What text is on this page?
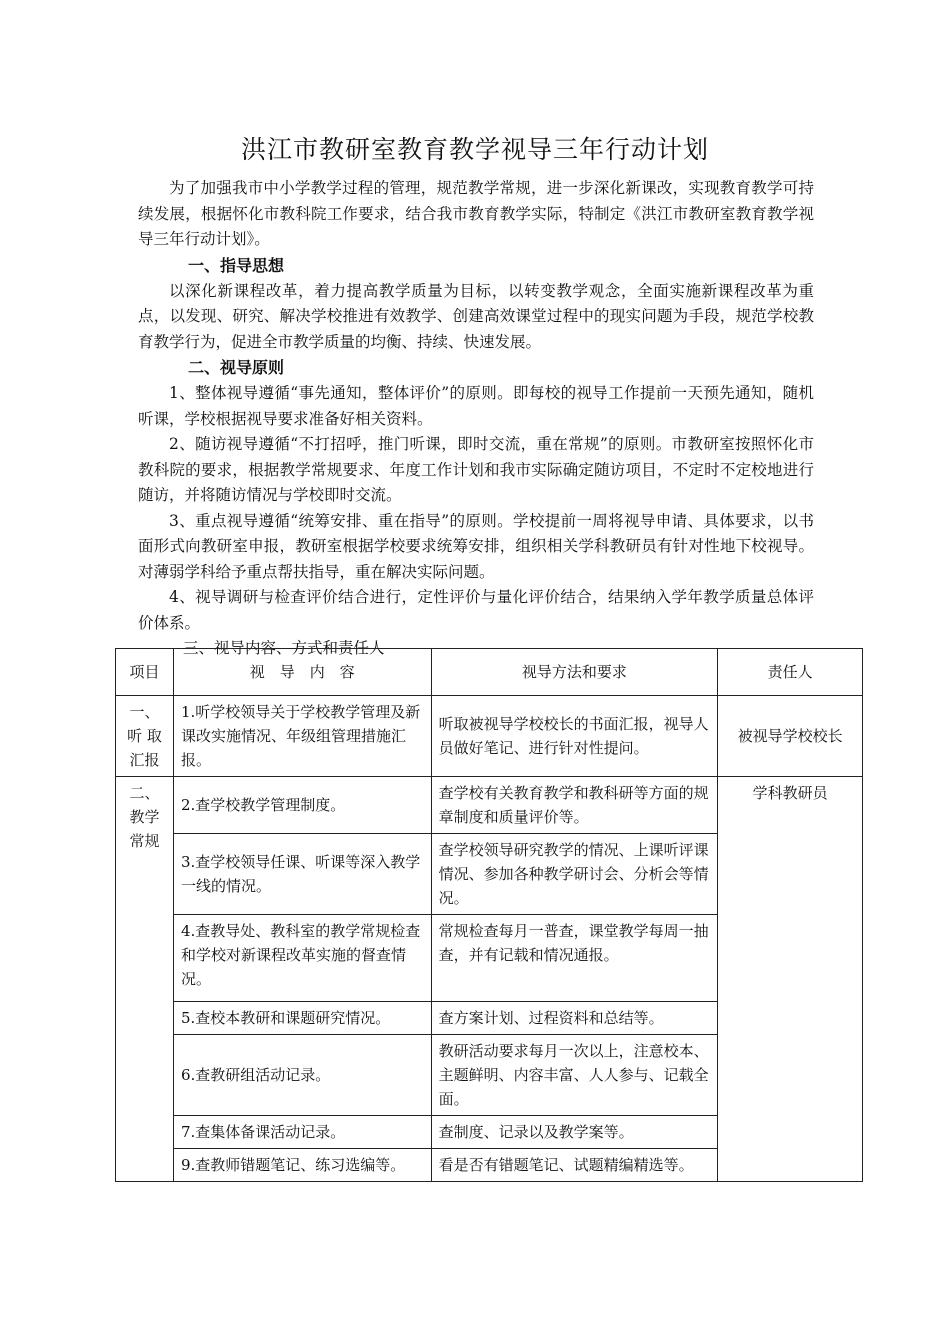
洪江市教研室教育教学视导三年行动计划

为了加强我市中小学教学过程的管理，规范教学常规，进一步深化新课改，实现教育教学可持续发展，根据怀化市教科院工作要求，结合我市教育教学实际，特制定《洪江市教研室教育教学视导三年行动计划》。

一、指导思想

以深化新课程改革，着力提高教学质量为目标，以转变教学观念，全面实施新课程改革为重点，以发现、研究、解决学校推进有效教学、创建高效课堂过程中的现实问题为手段，规范学校教育教学行为，促进全市教学质量的均衡、持续、快速发展。

二、视导原则

1、整体视导遵循“事先通知，整体评价”的原则。即每校的视导工作提前一天预先通知，随机听课，学校根据视导要求准备好相关资料。

2、随访视导遵循“不打招呼，推门听课，即时交流，重在常规”的原则。市教研室按照怀化市教科院的要求，根据教学常规要求、年度工作计划和我市实际确定随访项目，不定时不定校地进行随访，并将随访情况与学校即时交流。

3、重点视导遵循“统筹安排、重在指导”的原则。学校提前一周将视导申请、具体要求，以书面形式向教研室申报，教研室根据学校要求统筹安排，组织相关学科教研员有针对性地下校视导。对薄弱学科给予重点帮扶指导，重在解决实际问题。

4、视导调研与检查评价结合进行，定性评价与量化评价结合，结果纳入学年教学质量总体评价体系。

三、视导内容、方式和责任人
项目	视　导　内　容	视导方法和要求	责任人
一、
听 取
汇报	1.听学校领导关于学校教学管理及新课改实施情况、年级组管理措施汇报。	听取被视导学校校长的书面汇报，视导人员做好笔记、进行针对性提问。	被视导学校校长
二、
教学
常规	2.查学校教学管理制度。	查学校有关教育教学和教科研等方面的规章制度和质量评价等。	学科教研员
	3.查学校领导任课、听课等深入教学一线的情况。	查学校领导研究教学的情况、上课听评课情况、参加各种教学研讨会、分析会等情况。	
	4.查教导处、教科室的教学常规检查和学校对新课程改革实施的督查情况。	常规检查每月一普查，课堂教学每周一抽查，并有记载和情况通报。	
	5.查校本教研和课题研究情况。	查方案计划、过程资料和总结等。	
	6.查教研组活动记录。	教研活动要求每月一次以上，注意校本、主题鲜明、内容丰富、人人参与、记载全面。	
	7.查集体备课活动记录。	查制度、记录以及教学案等。	
	9.查教师错题笔记、练习选编等。	看是否有错题笔记、试题精编精选等。	
